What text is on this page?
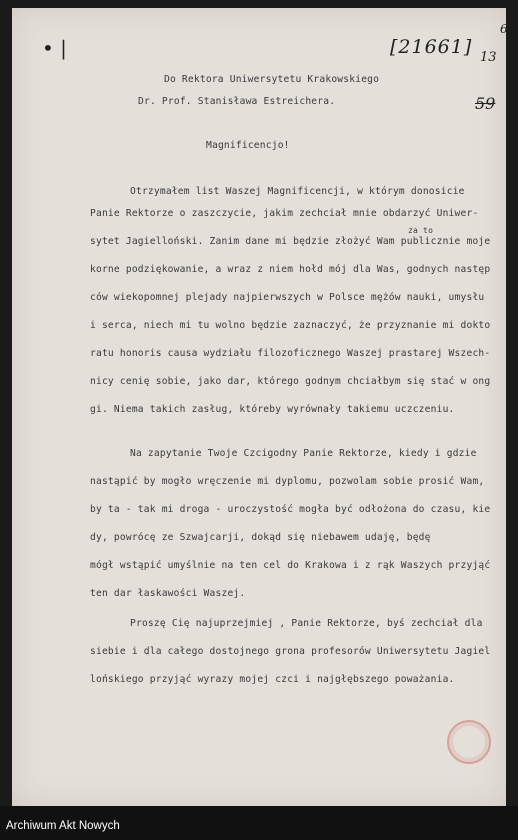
• |	[21661]
6
13
59
Do Rektora Uniwersytetu Krakowskiego
Dr. Prof. Stanisława Estreichera.
Magnificencjo!
Otrzymałem list Waszej Magnificencji, w którym donosicie
za to
Panie Rektorze o zaszczycie, jakim zechciał mnie obdarzyć Uniwer-
sytet Jagielloński. Zanim dane mi będzie złożyć Wam publicznie moje
korne podziękowanie, a wraz z niem hołd mój dla Was, godnych następ
ców wiekopomnej plejady najpierwszych w Polsce mężów nauki, umysłu
i serca, niech mi tu wolno będzie zaznaczyć, że przyznanie mi dokto
ratu honoris causa wydziału filozoficznego Waszej prastarej Wszech-
nicy cenię sobie, jako dar, którego godnym chciałbym się stać w ong
gi. Niema takich zasług, któreby wyrównały takiemu uczczeniu.
Na zapytanie Twoje Czcigodny Panie Rektorze, kiedy i gdzie
nastąpić by mogło wręczenie mi dyplomu, pozwolam sobie prosić Wam,
by ta - tak mi droga - uroczystość mogła być odłożona do czasu, kie
dy, powrócę ze Szwajcarji, dokąd się niebawem udaję, będę
mógł wstąpić umyślnie na ten cel do Krakowa i z rąk Waszych przyjąć
ten dar łaskawości Waszej.
Proszę Cię najuprzejmiej , Panie Rektorze, byś zechciał dla
siebie i dla całego dostojnego grona profesorów Uniwersytetu Jagiel
lońskiego przyjąć wyrazy mojej czci i najgłębszego poważania.
Archiwum Akt Nowych
